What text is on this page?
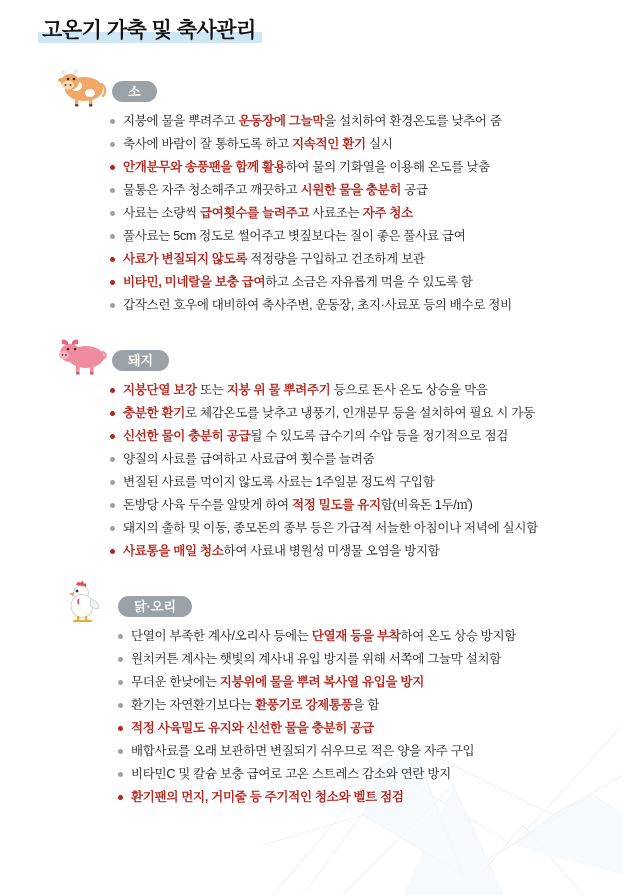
고온기 가축 및 축사관리
소
지붕에 물을 뿌려주고 운동장에 그늘막을 설치하여 환경온도를 낮추어 줌
축사에 바람이 잘 통하도록 하고 지속적인 환기 실시
안개분무와 송풍팬을 함께 활용하여 물의 기화열을 이용해 온도를 낮춤
물통은 자주 청소해주고 깨끗하고 시원한 물을 충분히 공급
사료는 소량씩 급여횟수를 늘려주고 사료조는 자주 청소
풀사료는 5cm 정도로 썰어주고 볏짚보다는 질이 좋은 풀사료 급여
사료가 변질되지 않도록 적정량을 구입하고 건조하게 보관
비타민, 미네랄을 보충 급여하고 소금은 자유롭게 먹을 수 있도록 함
갑작스런 호우에 대비하여 축사주변, 운동장, 초지·사료포 등의 배수로 정비
돼지
지붕단열 보강 또는 지붕 위 물 뿌려주기 등으로 돈사 온도 상승을 막음
충분한 환기로 체감온도를 낮추고 냉풍기, 인개분무 등을 설치하여 필요 시 가동
신선한 물이 충분히 공급될 수 있도록 급수기의 수압 등을 정기적으로 점검
양질의 사료를 급여하고 사료급여 횟수를 늘려줌
변질된 사료를 먹이지 않도록 사료는 1주일분 정도씩 구입함
돈방당 사육 두수를 알맞게 하여 적정 밀도를 유지함(비육돈 1두/㎡)
돼지의 출하 및 이동, 종모돈의 종부 등은 가급적 서늘한 아침이나 저녁에 실시함
사료통을 매일 청소하여 사료내 병원성 미생물 오염을 방지함
닭·오리
단열이 부족한 계사/오리사 등에는 단열재 등을 부착하여 온도 상승 방지함
원치커튼 계사는 햇빛의 계사내 유입 방지를 위해 서쪽에 그늘막 설치함
무더운 한낮에는 지붕위에 물을 뿌려 복사열 유입을 방지
환기는 자연환기보다는 환풍기로 강제통풍을 함
적정 사육밀도 유지와 신선한 물을 충분히 공급
배합사료를 오래 보관하면 변질되기 쉬우므로 적은 양을 자주 구입
비타민C 및 칼슘 보충 급여로 고온 스트레스 감소와 연란 방지
환기팬의 먼지, 거미줄 등 주기적인 청소와 벨트 점검
